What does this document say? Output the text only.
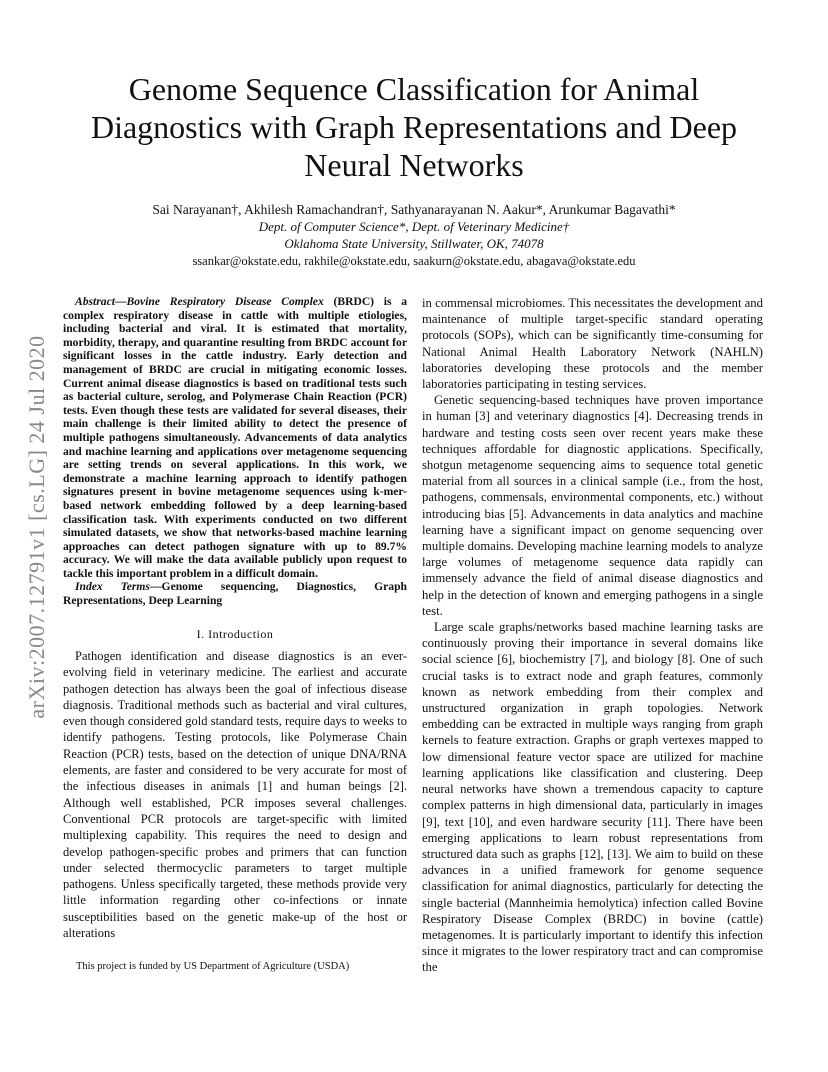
Genome Sequence Classification for Animal
Diagnostics with Graph Representations and Deep
Neural Networks
Sai Narayanan†, Akhilesh Ramachandran†, Sathyanarayanan N. Aakur*, Arunkumar Bagavathi*
Dept. of Computer Science*, Dept. of Veterinary Medicine†
Oklahoma State University, Stillwater, OK, 74078
ssankar@okstate.edu, rakhile@okstate.edu, saakurn@okstate.edu, abagava@okstate.edu
arXiv:2007.12791v1 [cs.LG] 24 Jul 2020

Abstract—Bovine Respiratory Disease Complex (BRDC) is a complex respiratory disease in cattle with multiple etiologies, including bacterial and viral. It is estimated that mortality, morbidity, therapy, and quarantine resulting from BRDC account for significant losses in the cattle industry. Early detection and management of BRDC are crucial in mitigating economic losses. Current animal disease diagnostics is based on traditional tests such as bacterial culture, serolog, and Polymerase Chain Reaction (PCR) tests. Even though these tests are validated for several diseases, their main challenge is their limited ability to detect the presence of multiple pathogens simultaneously. Advancements of data analytics and machine learning and applications over metagenome sequencing are setting trends on several applications. In this work, we demonstrate a machine learning approach to identify pathogen signatures present in bovine metagenome sequences using k-mer-based network embedding followed by a deep learning-based classification task. With experiments conducted on two different simulated datasets, we show that networks-based machine learning approaches can detect pathogen signature with up to 89.7% accuracy. We will make the data available publicly upon request to tackle this important problem in a difficult domain.

Index Terms—Genome sequencing, Diagnostics, Graph Representations, Deep Learning

I. Introduction

Pathogen identification and disease diagnostics is an ever-evolving field in veterinary medicine. The earliest and accurate pathogen detection has always been the goal of infectious disease diagnosis. Traditional methods such as bacterial and viral cultures, even though considered gold standard tests, require days to weeks to identify pathogens. Testing protocols, like Polymerase Chain Reaction (PCR) tests, based on the detection of unique DNA/RNA elements, are faster and considered to be very accurate for most of the infectious diseases in animals [1] and human beings [2]. Although well established, PCR imposes several challenges. Conventional PCR protocols are target-specific with limited multiplexing capability. This requires the need to design and develop pathogen-specific probes and primers that can function under selected thermocyclic parameters to target multiple pathogens. Unless specifically targeted, these methods provide very little information regarding other co-infections or innate susceptibilities based on the genetic make-up of the host or alterations

This project is funded by US Department of Agriculture (USDA)

in commensal microbiomes. This necessitates the development and maintenance of multiple target-specific standard operating protocols (SOPs), which can be significantly time-consuming for National Animal Health Laboratory Network (NAHLN) laboratories developing these protocols and the member laboratories participating in testing services.

Genetic sequencing-based techniques have proven importance in human [3] and veterinary diagnostics [4]. Decreasing trends in hardware and testing costs seen over recent years make these techniques affordable for diagnostic applications. Specifically, shotgun metagenome sequencing aims to sequence total genetic material from all sources in a clinical sample (i.e., from the host, pathogens, commensals, environmental components, etc.) without introducing bias [5]. Advancements in data analytics and machine learning have a significant impact on genome sequencing over multiple domains. Developing machine learning models to analyze large volumes of metagenome sequence data rapidly can immensely advance the field of animal disease diagnostics and help in the detection of known and emerging pathogens in a single test.

Large scale graphs/networks based machine learning tasks are continuously proving their importance in several domains like social science [6], biochemistry [7], and biology [8]. One of such crucial tasks is to extract node and graph features, commonly known as network embedding from their complex and unstructured organization in graph topologies. Network embedding can be extracted in multiple ways ranging from graph kernels to feature extraction. Graphs or graph vertexes mapped to low dimensional feature vector space are utilized for machine learning applications like classification and clustering. Deep neural networks have shown a tremendous capacity to capture complex patterns in high dimensional data, particularly in images [9], text [10], and even hardware security [11]. There have been emerging applications to learn robust representations from structured data such as graphs [12], [13]. We aim to build on these advances in a unified framework for genome sequence classification for animal diagnostics, particularly for detecting the single bacterial (Mannheimia hemolytica) infection called Bovine Respiratory Disease Complex (BRDC) in bovine (cattle) metagenomes. It is particularly important to identify this infection since it migrates to the lower respiratory tract and can compromise the
